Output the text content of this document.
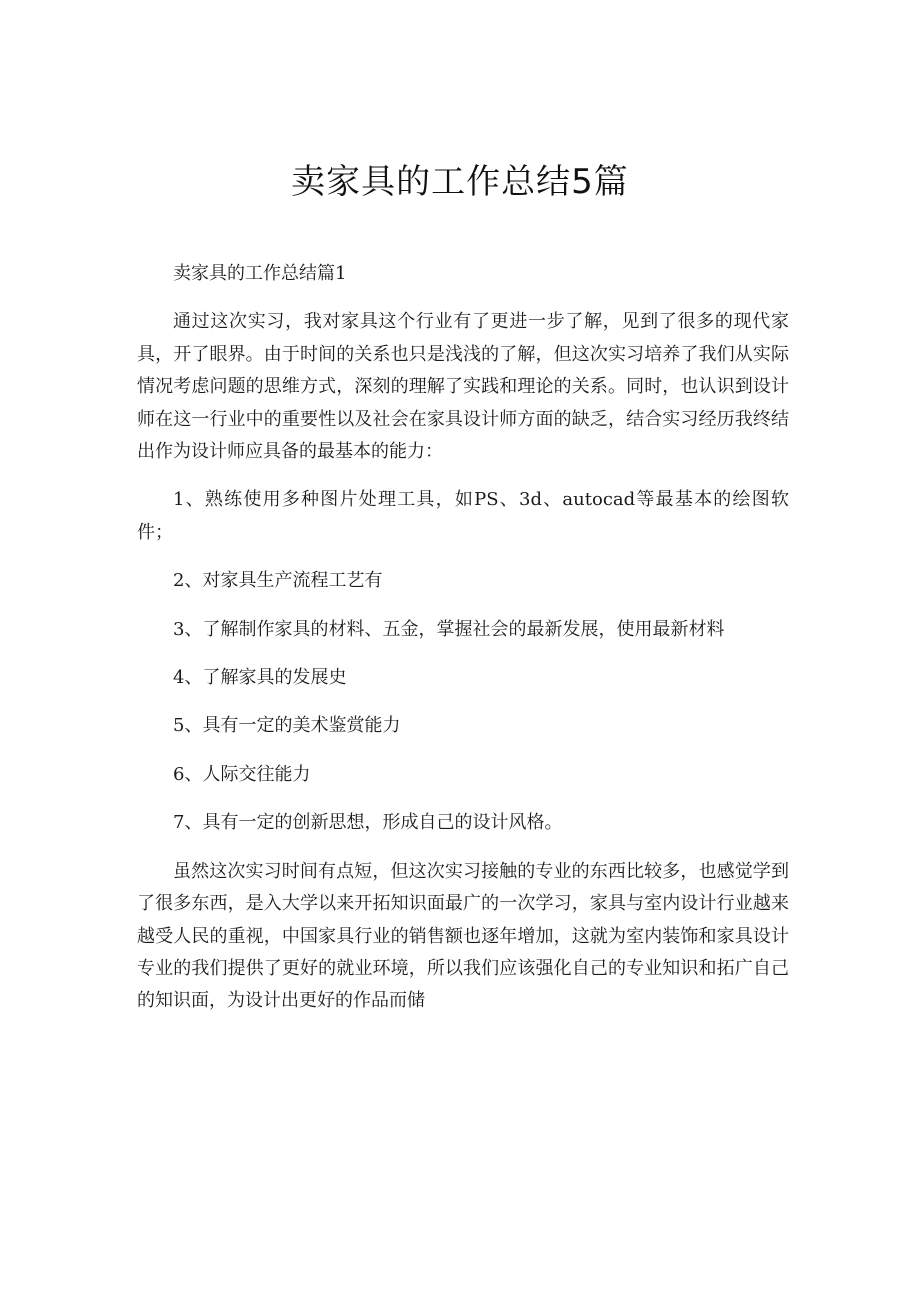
卖家具的工作总结5篇

卖家具的工作总结篇1

通过这次实习，我对家具这个行业有了更进一步了解，见到了很多的现代家具，开了眼界。由于时间的关系也只是浅浅的了解，但这次实习培养了我们从实际情况考虑问题的思维方式，深刻的理解了实践和理论的关系。同时，也认识到设计师在这一行业中的重要性以及社会在家具设计师方面的缺乏，结合实习经历我终结出作为设计师应具备的最基本的能力：

1、熟练使用多种图片处理工具，如PS、3d、autocad等最基本的绘图软件；

2、对家具生产流程工艺有

3、了解制作家具的材料、五金，掌握社会的最新发展，使用最新材料

4、了解家具的发展史

5、具有一定的美术鉴赏能力

6、人际交往能力

7、具有一定的创新思想，形成自己的设计风格。

虽然这次实习时间有点短，但这次实习接触的专业的东西比较多，也感觉学到了很多东西，是入大学以来开拓知识面最广的一次学习，家具与室内设计行业越来越受人民的重视，中国家具行业的销售额也逐年增加，这就为室内装饰和家具设计专业的我们提供了更好的就业环境，所以我们应该强化自己的专业知识和拓广自己的知识面，为设计出更好的作品而储
